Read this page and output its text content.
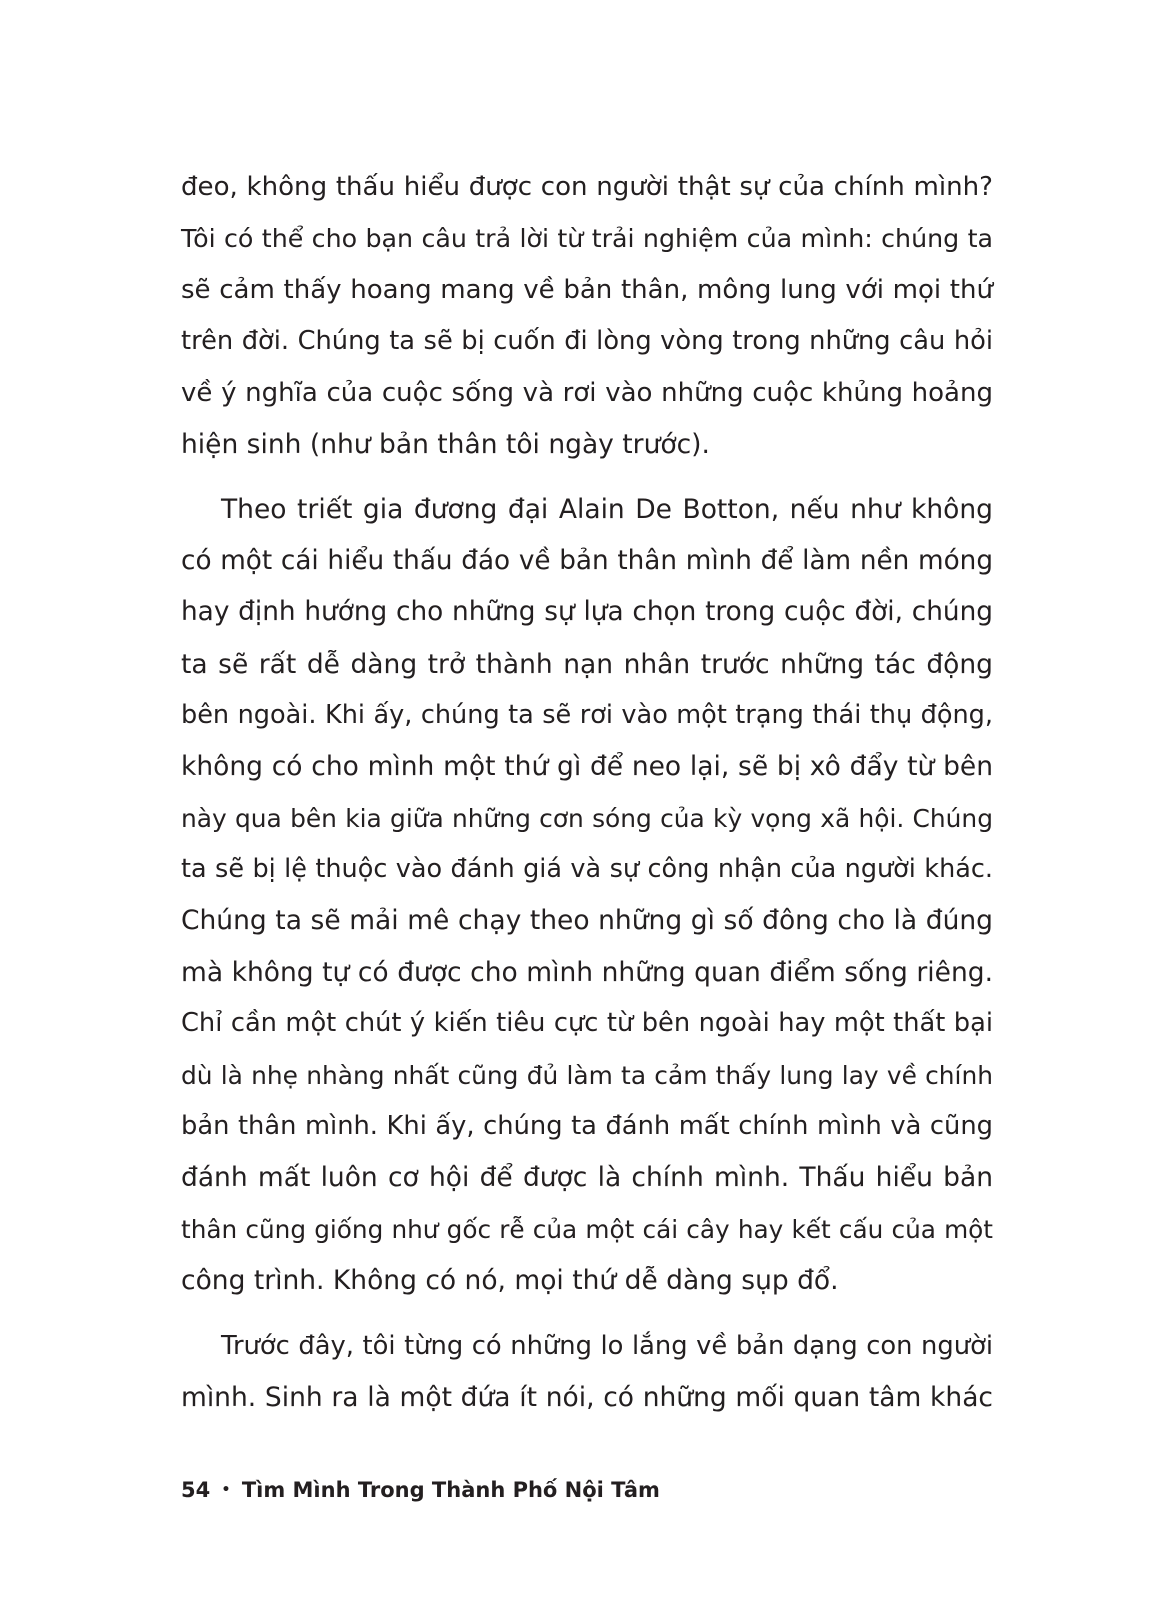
đeo, không thấu hiểu được con người thật sự của chính mình?
Tôi có thể cho bạn câu trả lời từ trải nghiệm của mình: chúng ta
sẽ cảm thấy hoang mang về bản thân, mông lung với mọi thứ
trên đời. Chúng ta sẽ bị cuốn đi lòng vòng trong những câu hỏi
về ý nghĩa của cuộc sống và rơi vào những cuộc khủng hoảng
hiện sinh (như bản thân tôi ngày trước).
Theo triết gia đương đại Alain De Botton, nếu như không
có một cái hiểu thấu đáo về bản thân mình để làm nền móng
hay định hướng cho những sự lựa chọn trong cuộc đời, chúng
ta sẽ rất dễ dàng trở thành nạn nhân trước những tác động
bên ngoài. Khi ấy, chúng ta sẽ rơi vào một trạng thái thụ động,
không có cho mình một thứ gì để neo lại, sẽ bị xô đẩy từ bên
này qua bên kia giữa những cơn sóng của kỳ vọng xã hội. Chúng
ta sẽ bị lệ thuộc vào đánh giá và sự công nhận của người khác.
Chúng ta sẽ mải mê chạy theo những gì số đông cho là đúng
mà không tự có được cho mình những quan điểm sống riêng.
Chỉ cần một chút ý kiến tiêu cực từ bên ngoài hay một thất bại
dù là nhẹ nhàng nhất cũng đủ làm ta cảm thấy lung lay về chính
bản thân mình. Khi ấy, chúng ta đánh mất chính mình và cũng
đánh mất luôn cơ hội để được là chính mình. Thấu hiểu bản
thân cũng giống như gốc rễ của một cái cây hay kết cấu của một
công trình. Không có nó, mọi thứ dễ dàng sụp đổ.
Trước đây, tôi từng có những lo lắng về bản dạng con người
mình. Sinh ra là một đứa ít nói, có những mối quan tâm khác
54 • Tìm Mình Trong Thành Phố Nội Tâm
